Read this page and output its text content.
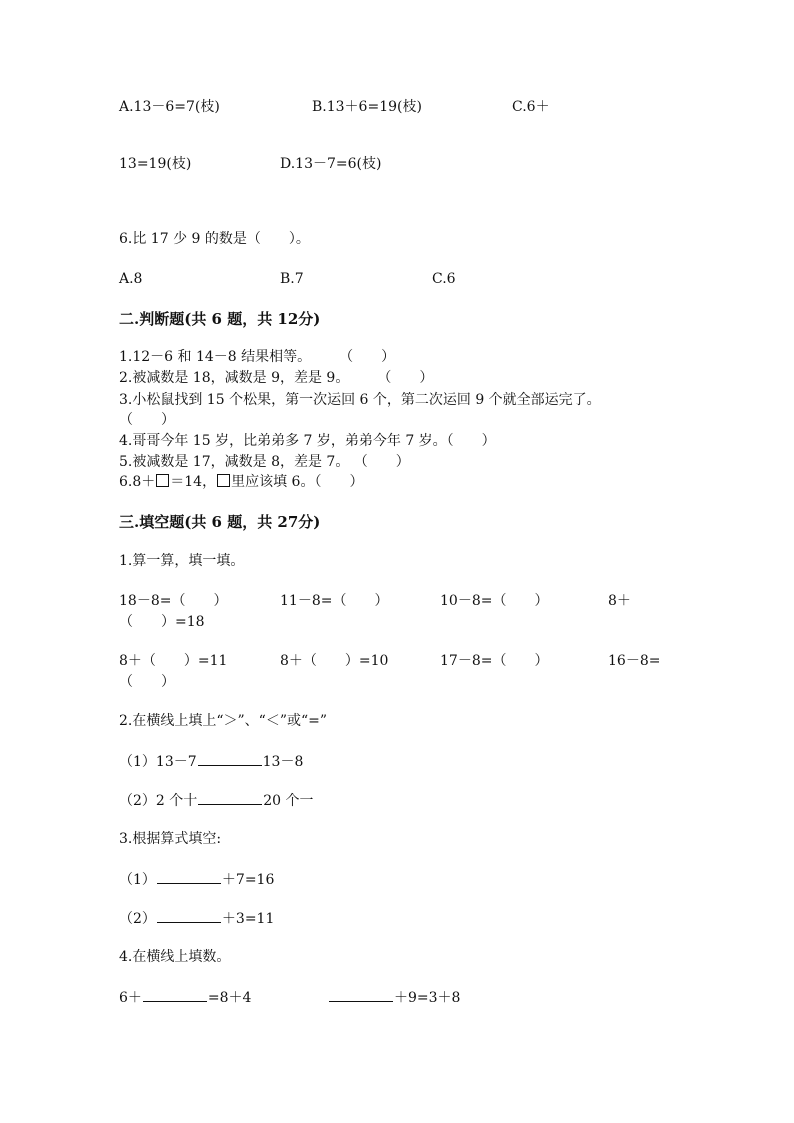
A.13－6=7(枝)	B.13＋6=19(枝)	C.6＋
13=19(枝)	D.13－7=6(枝)
6.比 17 少 9 的数是（　　）。
A.8	B.7	C.6
二.判断题(共 6 题，共 12分)
1.12－6 和 14－8 结果相等。　　　（　　）
2.被减数是 18，减数是 9，差是 9。　　　（　　）
3.小松鼠找到 15 个松果，第一次运回 6 个，第二次运回 9 个就全部运完了。
（　　）
4.哥哥今年 15 岁，比弟弟多 7 岁，弟弟今年 7 岁。（　　）
5.被减数是 17，减数是 8，差是 7。 （　　）
6.8＋ ＝14， 里应该填 6。（　　）
三.填空题(共 6 题，共 27分)
1.算一算，填一填。
18－8=（　　）	11－8=（　　）	10－8=（　　）	8＋
（　　）=18
8＋（　　）=11	8＋（　　）=10	17－8=（　　）	16－8=
（　　）
2.在横线上填上“＞”、“＜”或“=”
（1）13－7	13－8
（2）2 个十	20 个一
3.根据算式填空:
（1）	＋7=16
（2）	＋3=11
4.在横线上填数。
6＋	=8＋4	＋9=3＋8
